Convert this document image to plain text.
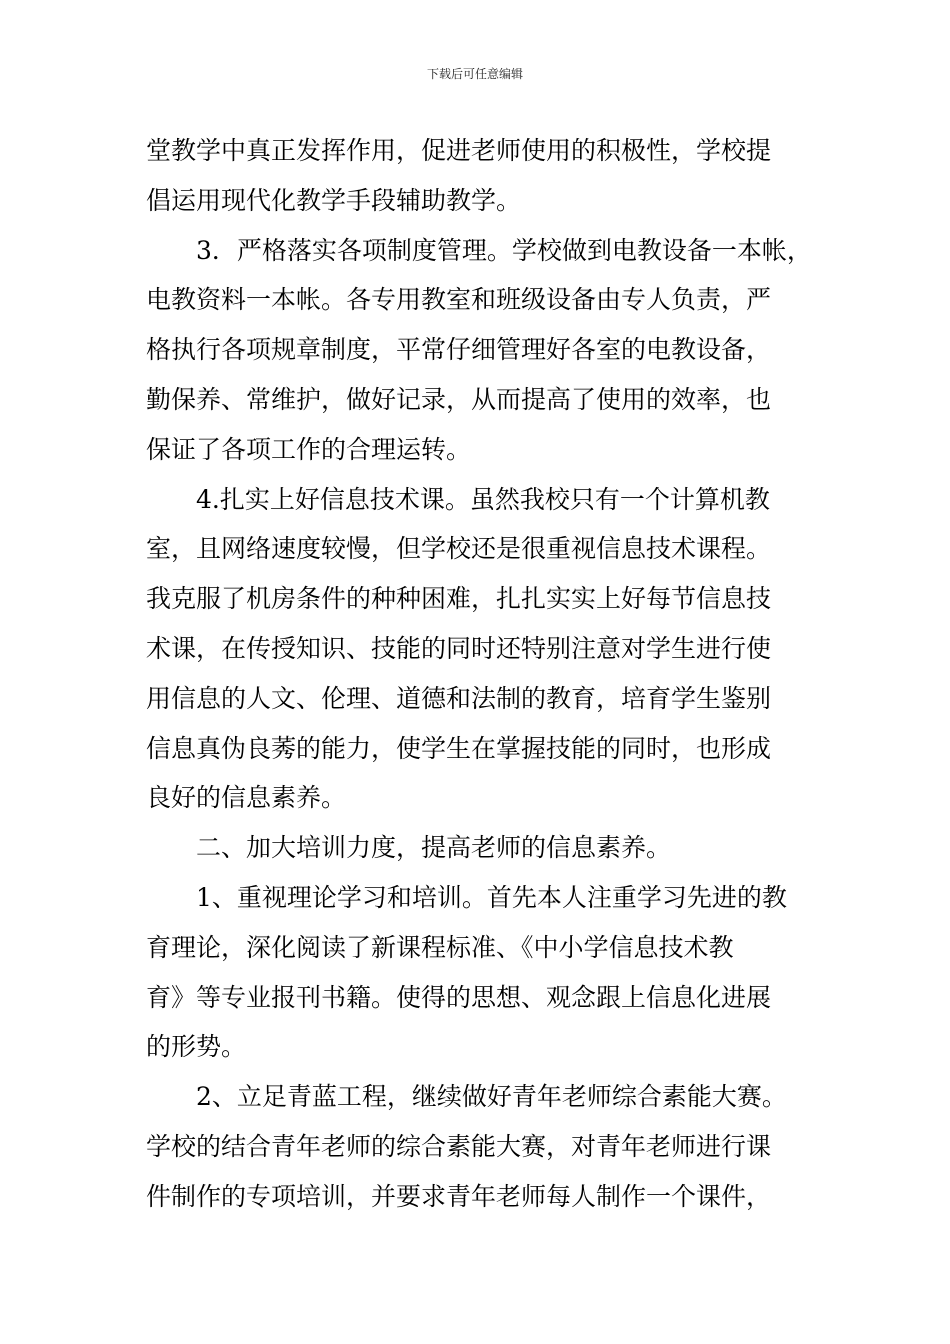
下载后可任意编辑
堂教学中真正发挥作用，促进老师使用的积极性，学校提
倡运用现代化教学手段辅助教学。
3．严格落实各项制度管理。学校做到电教设备一本帐，
电教资料一本帐。各专用教室和班级设备由专人负责，严
格执行各项规章制度，平常仔细管理好各室的电教设备，
勤保养、常维护，做好记录，从而提高了使用的效率，也
保证了各项工作的合理运转。
4.扎实上好信息技术课。虽然我校只有一个计算机教
室，且网络速度较慢，但学校还是很重视信息技术课程。
我克服了机房条件的种种困难，扎扎实实上好每节信息技
术课，在传授知识、技能的同时还特别注意对学生进行使
用信息的人文、伦理、道德和法制的教育，培育学生鉴别
信息真伪良莠的能力，使学生在掌握技能的同时，也形成
良好的信息素养。
二、加大培训力度，提高老师的信息素养。
1、重视理论学习和培训。首先本人注重学习先进的教
育理论，深化阅读了新课程标准、《中小学信息技术教
育》等专业报刊书籍。使得的思想、观念跟上信息化进展
的形势。
2、立足青蓝工程，继续做好青年老师综合素能大赛。
学校的结合青年老师的综合素能大赛，对青年老师进行课
件制作的专项培训，并要求青年老师每人制作一个课件，
